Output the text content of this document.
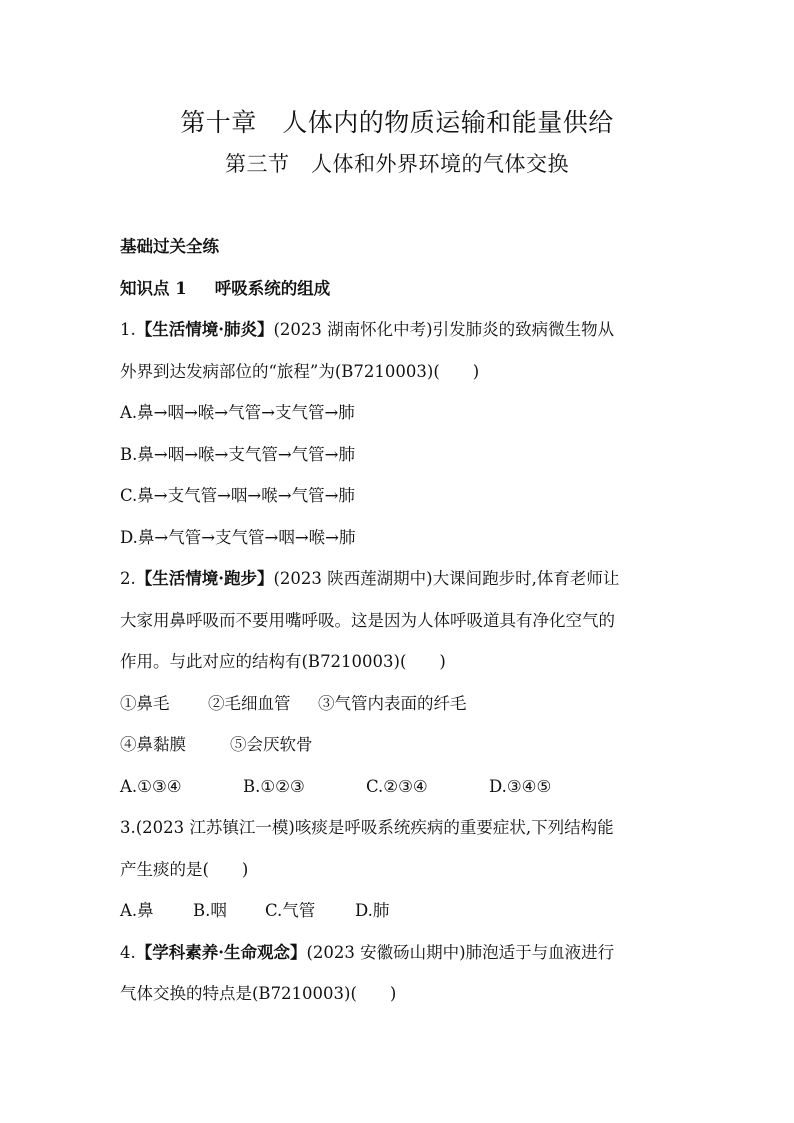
第十章　人体内的物质运输和能量供给
第三节　人体和外界环境的气体交换
基础过关全练
知识点 1 呼吸系统的组成
1.【生活情境·肺炎】(2023 湖南怀化中考)引发肺炎的致病微生物从
外界到达发病部位的“旅程”为(B7210003)(　　)
A.鼻→咽→喉→气管→支气管→肺
B.鼻→咽→喉→支气管→气管→肺
C.鼻→支气管→咽→喉→气管→肺
D.鼻→气管→支气管→咽→喉→肺
2.【生活情境·跑步】(2023 陕西莲湖期中)大课间跑步时,体育老师让
大家用鼻呼吸而不要用嘴呼吸。这是因为人体呼吸道具有净化空气的
作用。与此对应的结构有(B7210003)(　　)
①鼻毛 ②毛细血管 ③气管内表面的纤毛
④鼻黏膜	⑤会厌软骨
A.①③④	B.①②③	C.②③④	D.③④⑤
3.(2023 江苏镇江一模)咳痰是呼吸系统疾病的重要症状,下列结构能
产生痰的是(　　)
A.鼻 B.咽 C.气管 D.肺
4.【学科素养·生命观念】(2023 安徽砀山期中)肺泡适于与血液进行
气体交换的特点是(B7210003)(　　)
